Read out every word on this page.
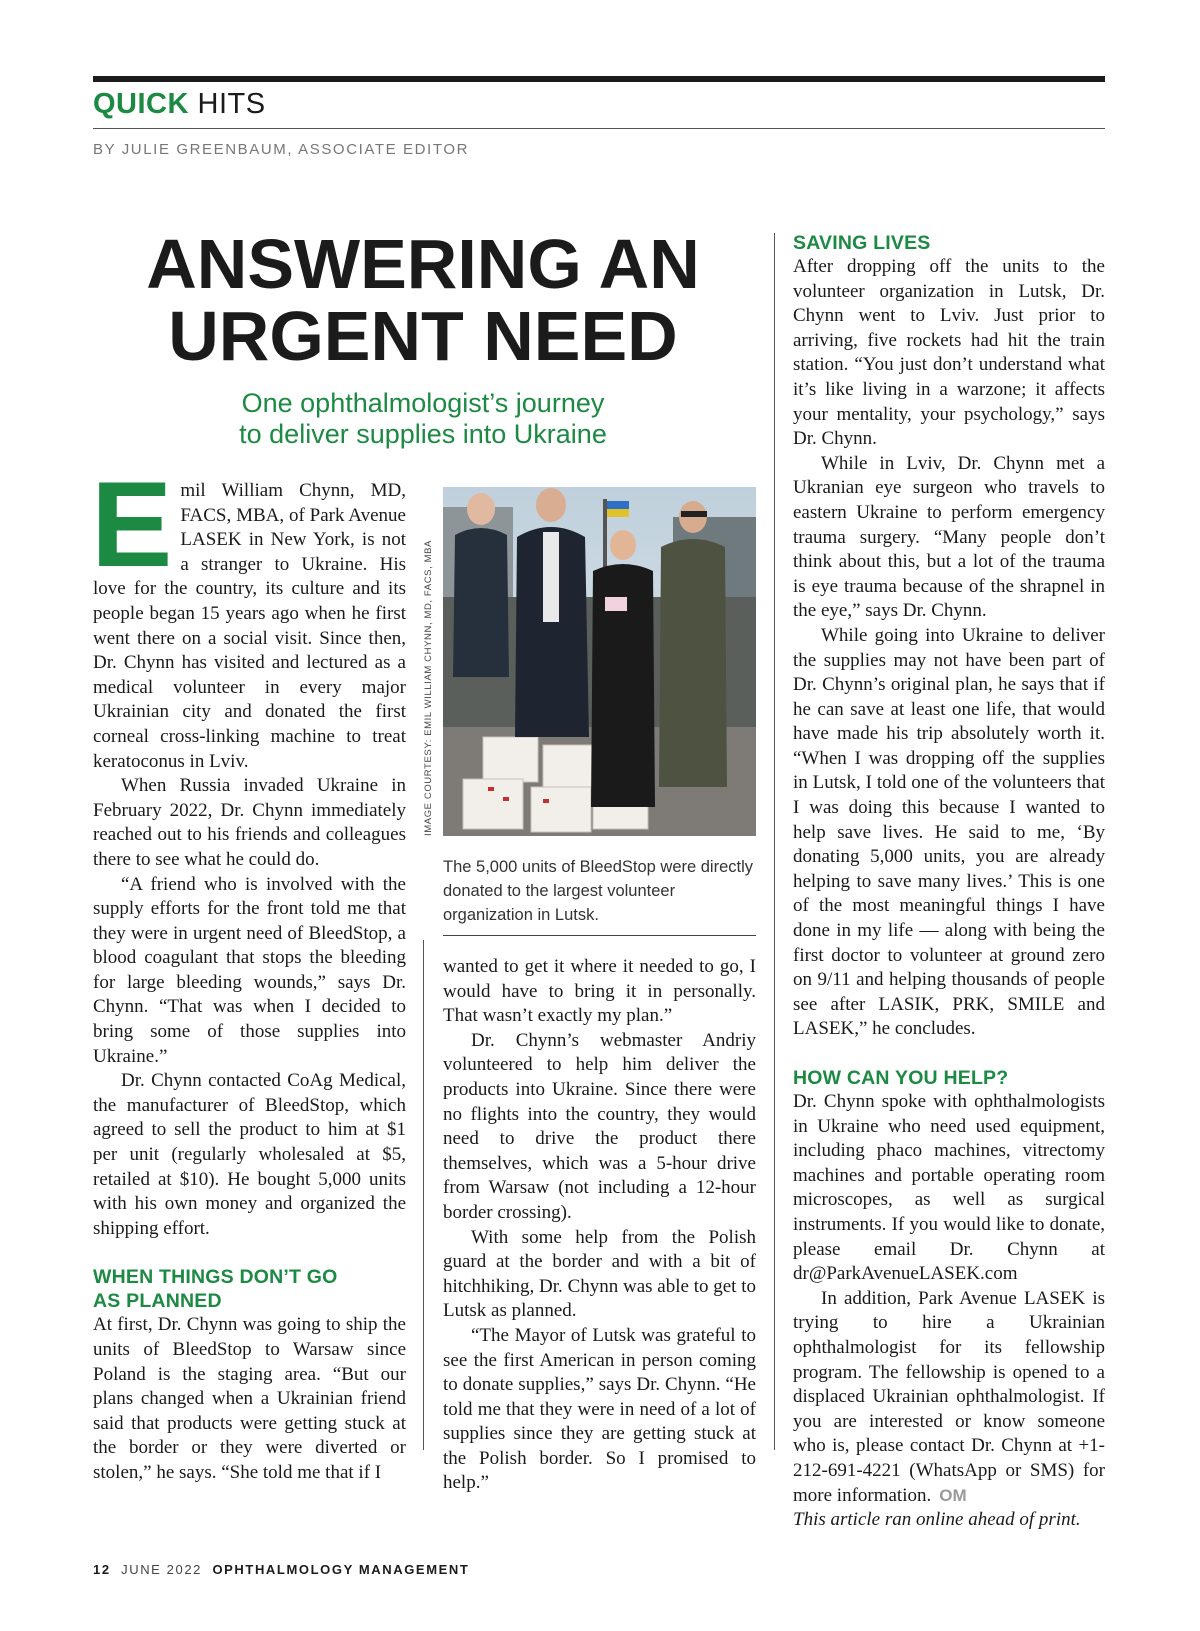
QUICK HITS
BY JULIE GREENBAUM, ASSOCIATE EDITOR
ANSWERING AN
URGENT NEED
One ophthalmologist’s journey
to deliver supplies into Ukraine

Emil William Chynn, MD, FACS, MBA, of Park Avenue LASEK in New York, is not a stranger to Ukraine. His love for the country, its culture and its people began 15 years ago when he first went there on a social visit. Since then, Dr. Chynn has visited and lectured as a medical volunteer in every major Ukrainian city and donated the first corneal cross-linking machine to treat keratoconus in Lviv.

When Russia invaded Ukraine in February 2022, Dr. Chynn immediately reached out to his friends and colleagues there to see what he could do.

“A friend who is involved with the supply efforts for the front told me that they were in urgent need of BleedStop, a blood coagulant that stops the bleeding for large bleeding wounds,” says Dr. Chynn. “That was when I decided to bring some of those supplies into Ukraine.”

Dr. Chynn contacted CoAg Medical, the manufacturer of BleedStop, which agreed to sell the product to him at $1 per unit (regularly wholesaled at $5, retailed at $10). He bought 5,000 units with his own money and organized the shipping effort.

WHEN THINGS DON’T GO
AS PLANNED

At first, Dr. Chynn was going to ship the units of BleedStop to Warsaw since Poland is the staging area. “But our plans changed when a Ukrainian friend said that products were getting stuck at the border or they were diverted or stolen,” he says. “She told me that if I

IMAGE COURTESY: EMIL WILLIAM CHYNN, MD, FACS, MBA
The 5,000 units of BleedStop were directly donated to the largest volunteer organization in Lutsk.

wanted to get it where it needed to go, I would have to bring it in personally. That wasn’t exactly my plan.”

Dr. Chynn’s webmaster Andriy volunteered to help him deliver the products into Ukraine. Since there were no flights into the country, they would need to drive the product there themselves, which was a 5-hour drive from Warsaw (not including a 12-hour border crossing).

With some help from the Polish guard at the border and with a bit of hitchhiking, Dr. Chynn was able to get to Lutsk as planned.

“The Mayor of Lutsk was grateful to see the first American in person coming to donate supplies,” says Dr. Chynn. “He told me that they were in need of a lot of supplies since they are getting stuck at the Polish border. So I promised to help.”

SAVING LIVES

After dropping off the units to the volunteer organization in Lutsk, Dr. Chynn went to Lviv. Just prior to arriving, five rockets had hit the train station. “You just don’t understand what it’s like living in a warzone; it affects your mentality, your psychology,” says Dr. Chynn.

While in Lviv, Dr. Chynn met a Ukranian eye surgeon who travels to eastern Ukraine to perform emergency trauma surgery. “Many people don’t think about this, but a lot of the trauma is eye trauma because of the shrapnel in the eye,” says Dr. Chynn.

While going into Ukraine to deliver the supplies may not have been part of Dr. Chynn’s original plan, he says that if he can save at least one life, that would have made his trip absolutely worth it. “When I was dropping off the supplies in Lutsk, I told one of the volunteers that I was doing this because I wanted to help save lives. He said to me, ‘By donating 5,000 units, you are already helping to save many lives.’ This is one of the most meaningful things I have done in my life — along with being the first doctor to volunteer at ground zero on 9/11 and helping thousands of people see after LASIK, PRK, SMILE and LASEK,” he concludes.

HOW CAN YOU HELP?

Dr. Chynn spoke with ophthalmologists in Ukraine who need used equipment, including phaco machines, vitrectomy machines and portable operating room microscopes, as well as surgical instruments. If you would like to donate, please email Dr. Chynn at dr@ParkAvenueLASEK.com

In addition, Park Avenue LASEK is trying to hire a Ukrainian ophthalmologist for its fellowship program. The fellowship is opened to a displaced Ukrainian ophthalmologist. If you are interested or know someone who is, please contact Dr. Chynn at +1-212-691-4221 (WhatsApp or SMS) for more information. OM

This article ran online ahead of print.

12 JUNE 2022 OPHTHALMOLOGY MANAGEMENT
